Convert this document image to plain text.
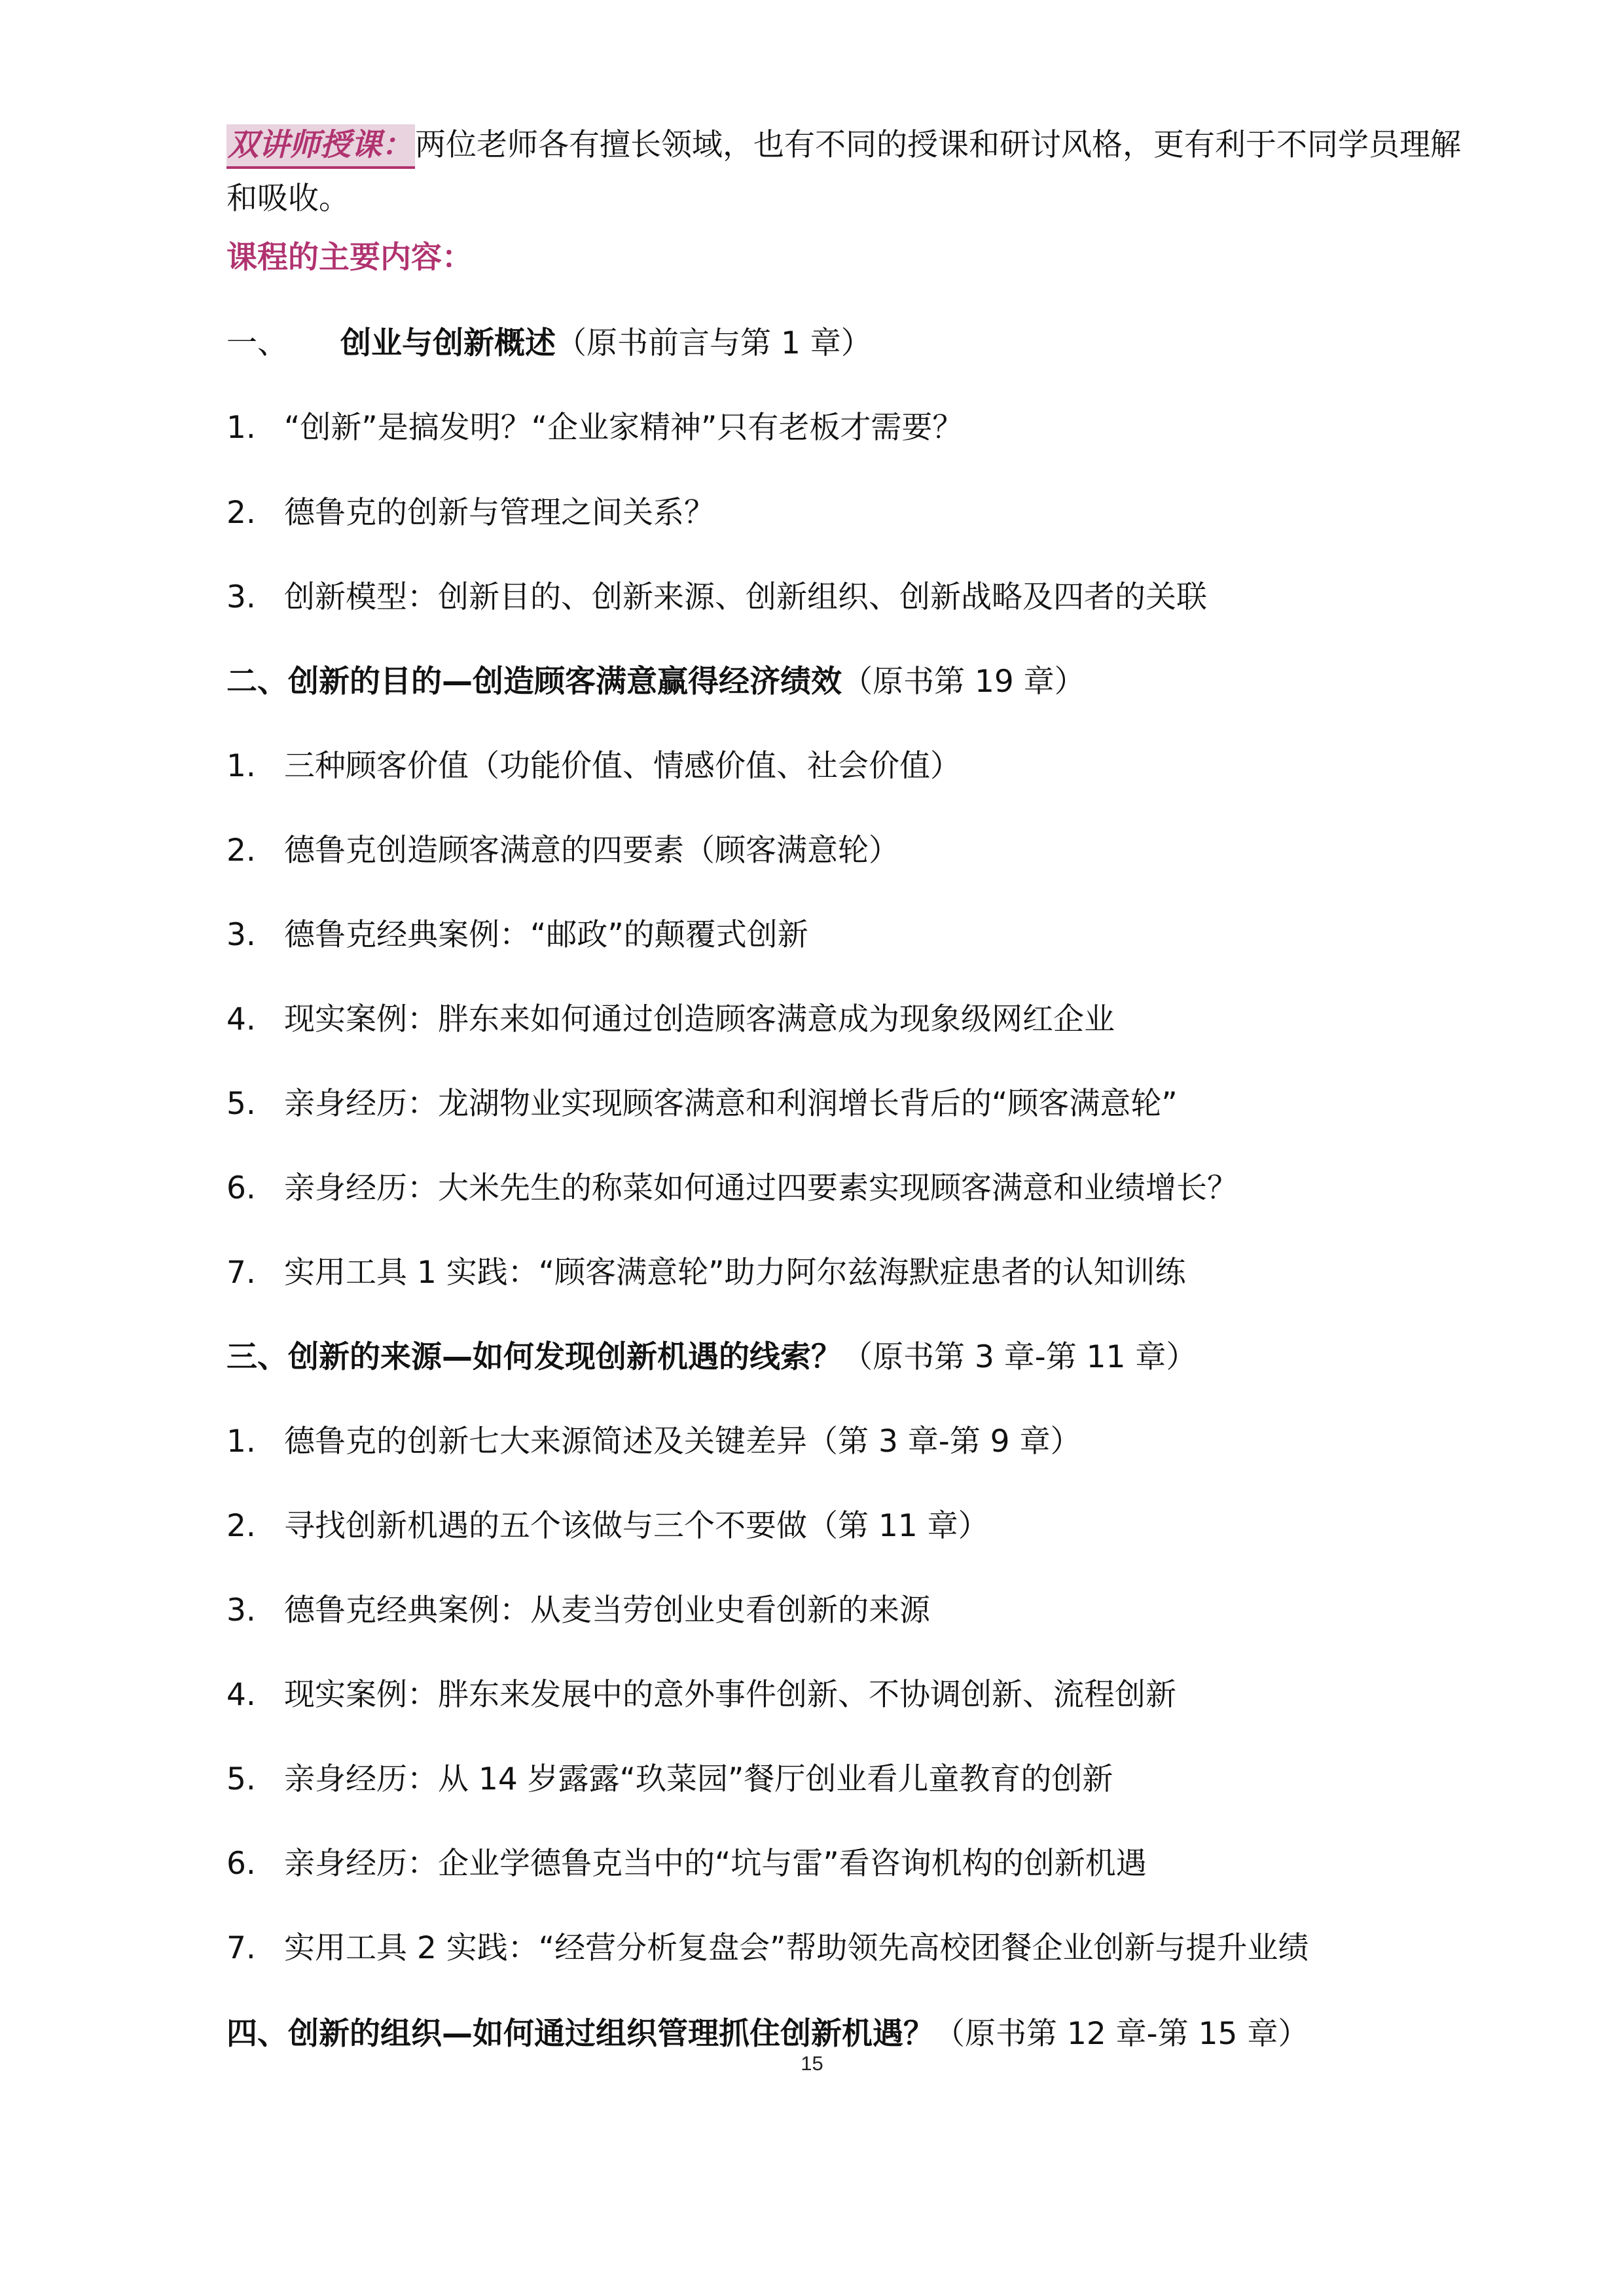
双讲师授课：两位老师各有擅长领域，也有不同的授课和研讨风格，更有利于不同学员理解
和吸收。
课程的主要内容：
一、 创业与创新概述（原书前言与第 1 章）
1. “创新”是搞发明？“企业家精神”只有老板才需要？
2. 德鲁克的创新与管理之间关系？
3. 创新模型：创新目的、创新来源、创新组织、创新战略及四者的关联
二、创新的目的—创造顾客满意赢得经济绩效（原书第 19 章）
1. 三种顾客价值（功能价值、情感价值、社会价值）
2. 德鲁克创造顾客满意的四要素（顾客满意轮）
3. 德鲁克经典案例：“邮政”的颠覆式创新
4. 现实案例：胖东来如何通过创造顾客满意成为现象级网红企业
5. 亲身经历：龙湖物业实现顾客满意和利润增长背后的“顾客满意轮”
6. 亲身经历：大米先生的称菜如何通过四要素实现顾客满意和业绩增长？
7. 实用工具 1 实践：“顾客满意轮”助力阿尔兹海默症患者的认知训练
三、创新的来源—如何发现创新机遇的线索？（原书第 3 章-第 11 章）
1. 德鲁克的创新七大来源简述及关键差异（第 3 章-第 9 章）
2. 寻找创新机遇的五个该做与三个不要做（第 11 章）
3. 德鲁克经典案例：从麦当劳创业史看创新的来源
4. 现实案例：胖东来发展中的意外事件创新、不协调创新、流程创新
5. 亲身经历：从 14 岁露露“玖菜园”餐厅创业看儿童教育的创新
6. 亲身经历：企业学德鲁克当中的“坑与雷”看咨询机构的创新机遇
7. 实用工具 2 实践：“经营分析复盘会”帮助领先高校团餐企业创新与提升业绩
四、创新的组织—如何通过组织管理抓住创新机遇？（原书第 12 章-第 15 章）
15
